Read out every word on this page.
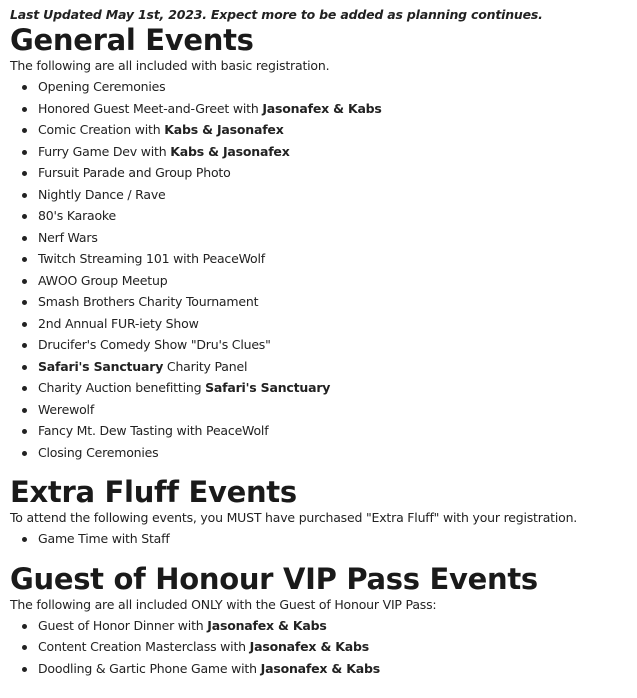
Last Updated May 1st, 2023. Expect more to be added as planning continues.

General Events

The following are all included with basic registration.

Opening Ceremonies
Honored Guest Meet-and-Greet with Jasonafex & Kabs
Comic Creation with Kabs & Jasonafex
Furry Game Dev with Kabs & Jasonafex
Fursuit Parade and Group Photo
Nightly Dance / Rave
80's Karaoke
Nerf Wars
Twitch Streaming 101 with PeaceWolf
AWOO Group Meetup
Smash Brothers Charity Tournament
2nd Annual FUR-iety Show
Drucifer's Comedy Show "Dru's Clues"
Safari's Sanctuary Charity Panel
Charity Auction benefitting Safari's Sanctuary
Werewolf
Fancy Mt. Dew Tasting with PeaceWolf
Closing Ceremonies
Extra Fluff Events

To attend the following events, you MUST have purchased "Extra Fluff" with your registration.

Game Time with Staff
Guest of Honour VIP Pass Events

The following are all included ONLY with the Guest of Honour VIP Pass:

Guest of Honor Dinner with Jasonafex & Kabs
Content Creation Masterclass with Jasonafex & Kabs
Doodling & Gartic Phone Game with Jasonafex & Kabs
